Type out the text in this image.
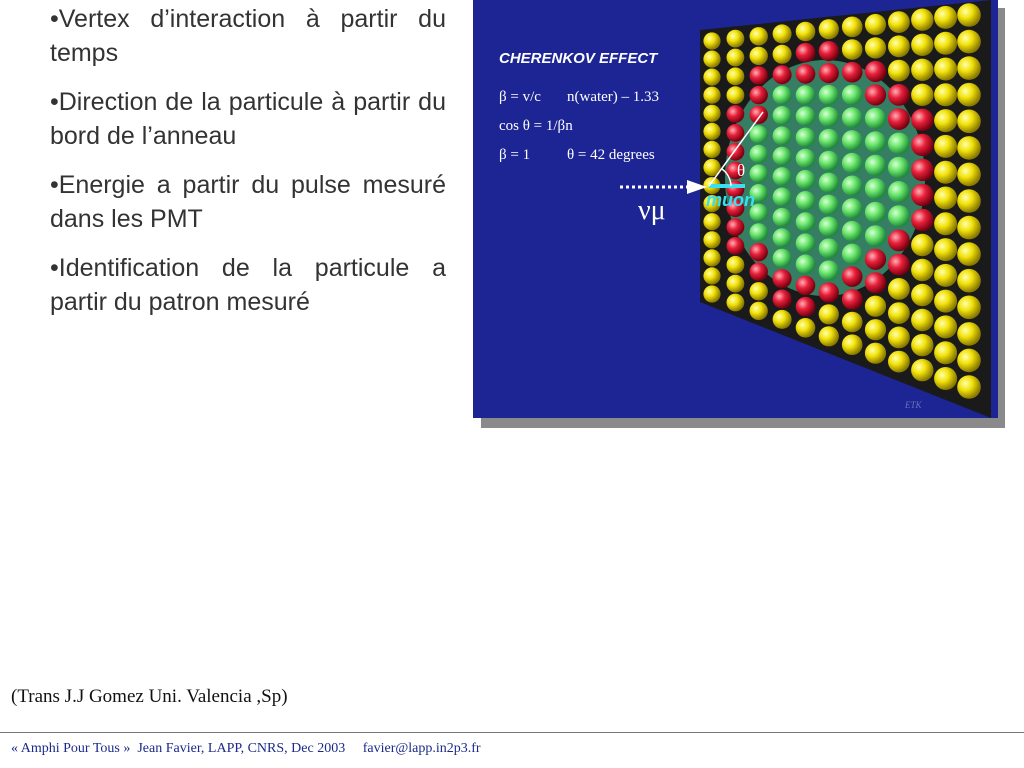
•Vertex d’interaction à partir du temps
•Direction de la particule à partir du bord de l’anneau
•Energie a partir du pulse mesuré dans les PMT
•Identification de la particule a partir du patron mesuré
CHERENKOV EFFECT
β = v/c n(water) – 1.33
cos θ = 1/βn
β = 1 θ = 42 degrees
θ
νμ muon
ETK
(Trans J.J Gomez Uni. Valencia ,Sp)
« Amphi Pour Tous »  Jean Favier, LAPP, CNRS, Dec 2003     favier@lapp.in2p3.fr
